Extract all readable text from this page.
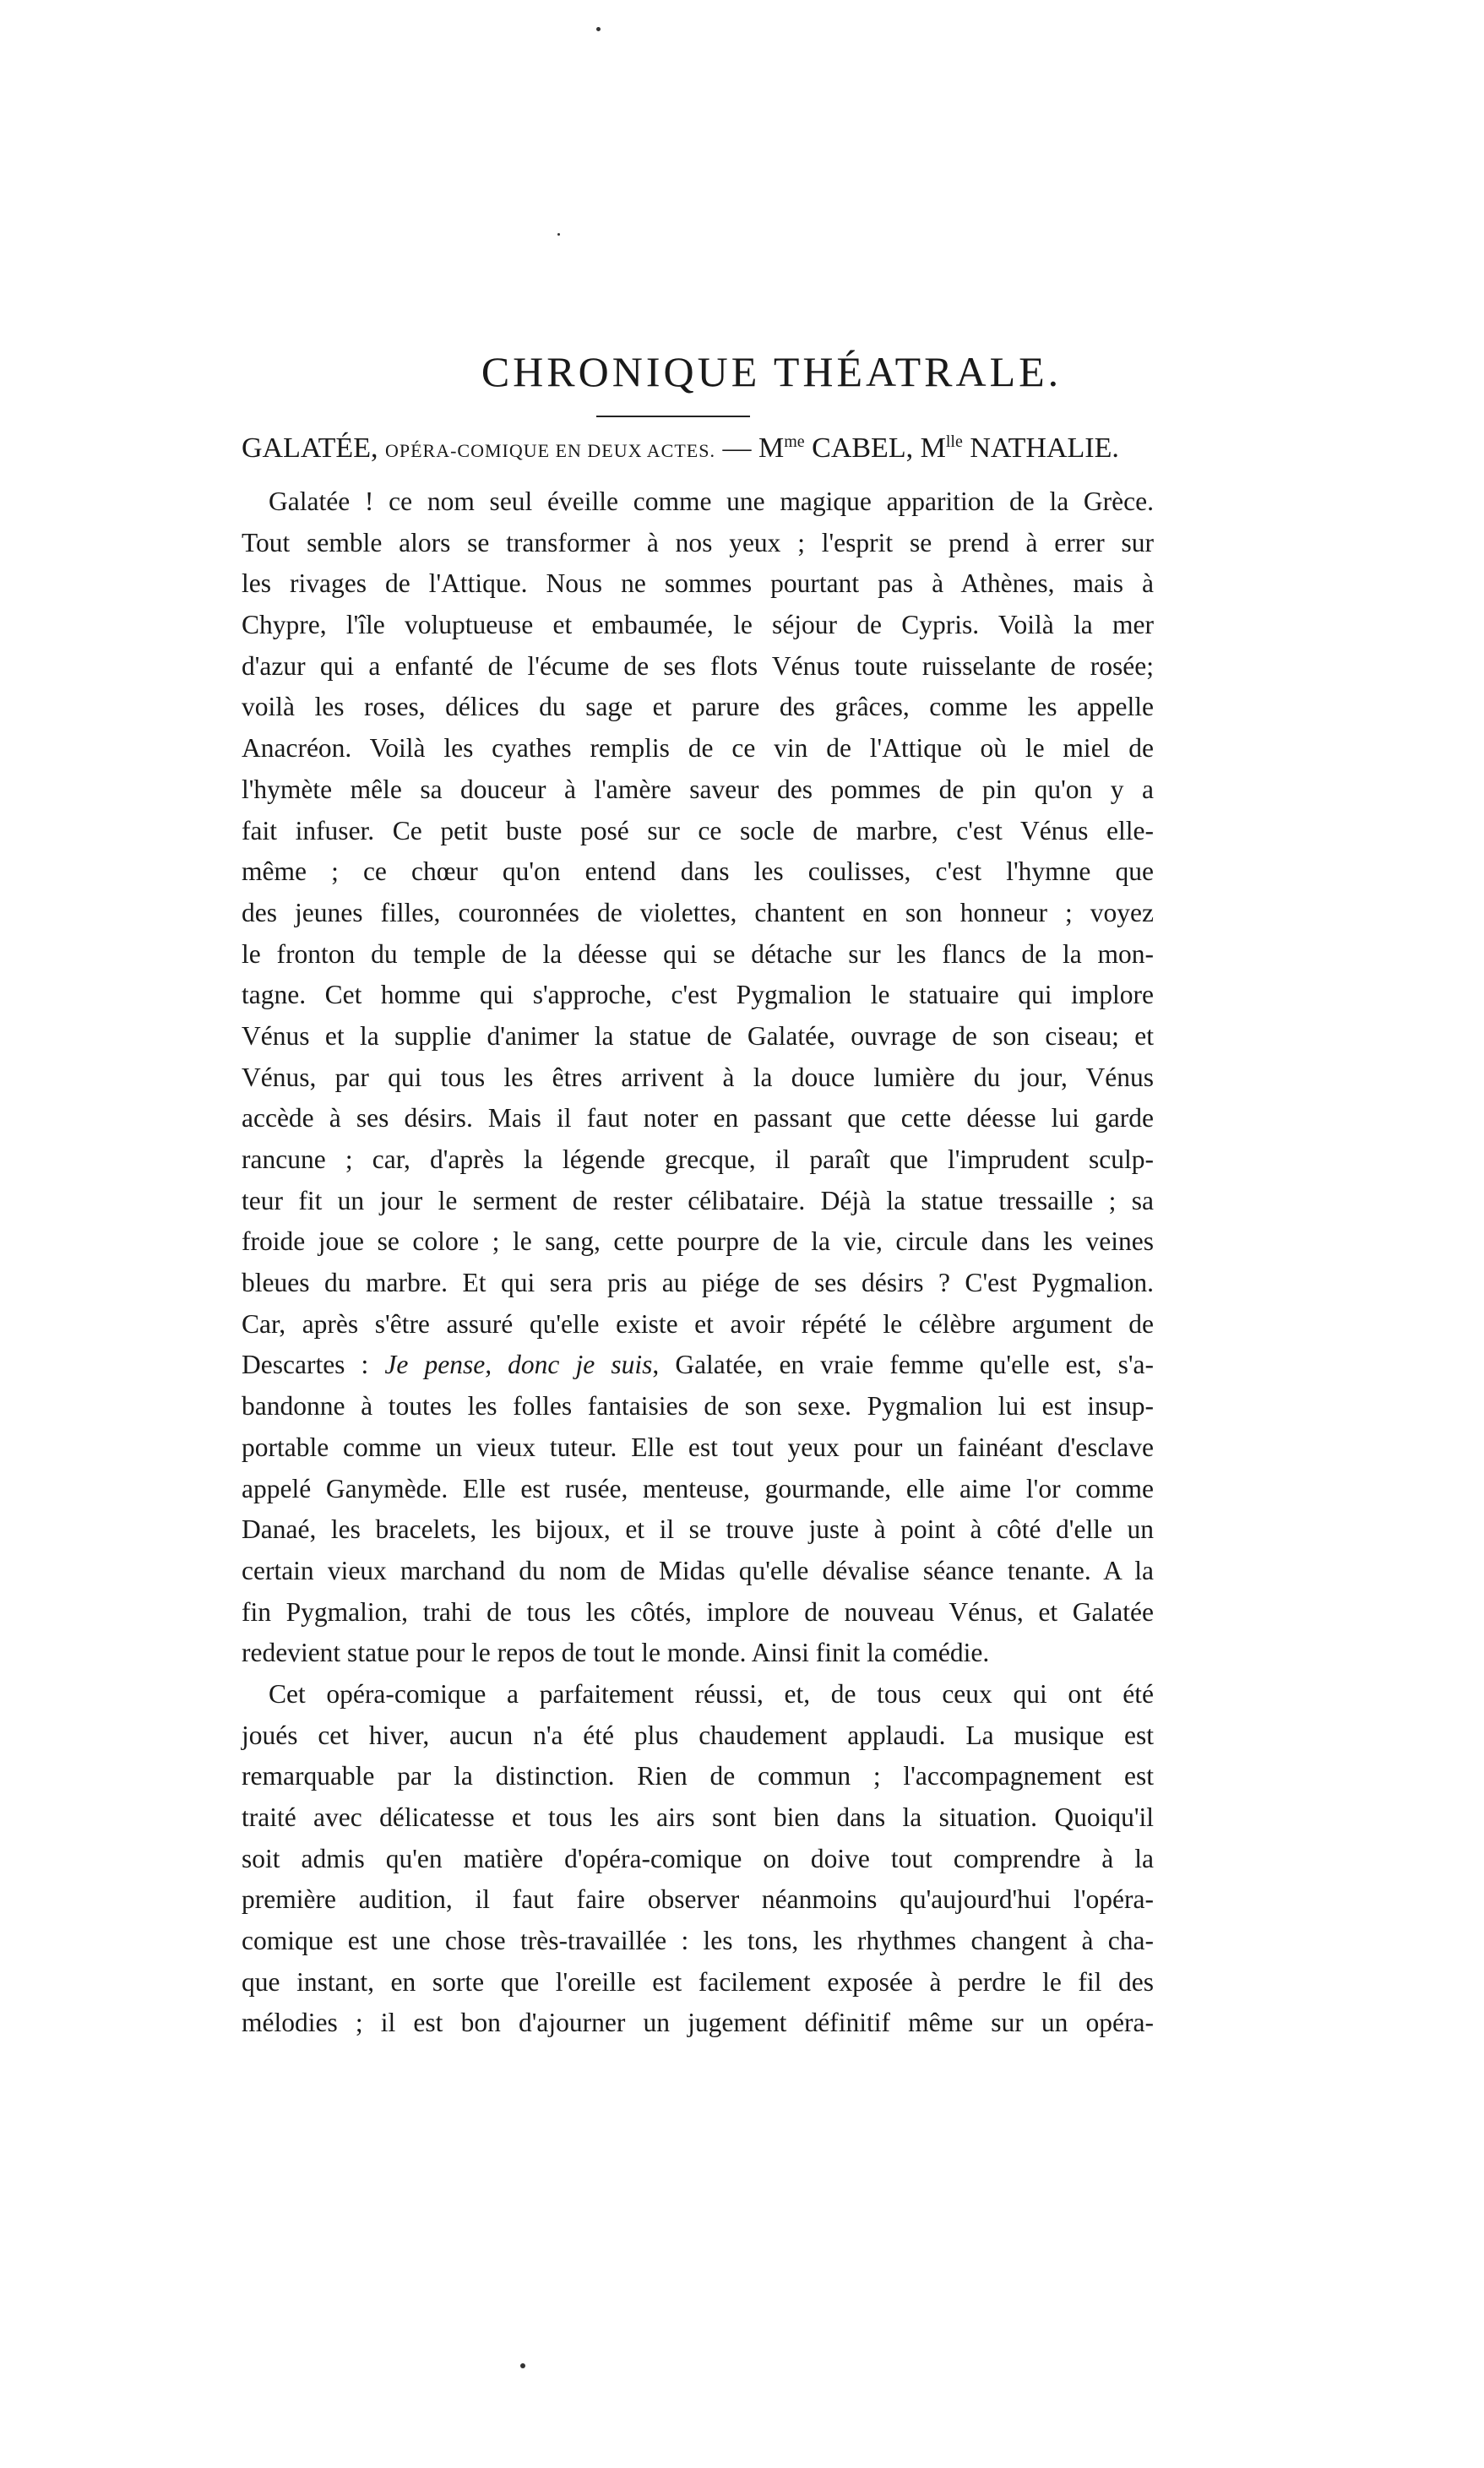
CHRONIQUE THÉATRALE.
GALATÉE, OPÉRA-COMIQUE EN DEUX ACTES. — $M^{me}$ CABEL, $M^{lle}$ NATHALIE.
Galatée ! ce nom seul éveille comme une magique apparition de la Grèce.
Tout semble alors se transformer à nos yeux ; l'esprit se prend à errer sur
les rivages de l'Attique. Nous ne sommes pourtant pas à Athènes, mais à
Chypre, l'île voluptueuse et embaumée, le séjour de Cypris. Voilà la mer
d'azur qui a enfanté de l'écume de ses flots Vénus toute ruisselante de rosée;
voilà les roses, délices du sage et parure des grâces, comme les appelle
Anacréon. Voilà les cyathes remplis de ce vin de l'Attique où le miel de
l'hymète mêle sa douceur à l'amère saveur des pommes de pin qu'on y a
fait infuser. Ce petit buste posé sur ce socle de marbre, c'est Vénus elle-
même ; ce chœur qu'on entend dans les coulisses, c'est l'hymne que
des jeunes filles, couronnées de violettes, chantent en son honneur ; voyez
le fronton du temple de la déesse qui se détache sur les flancs de la mon-
tagne. Cet homme qui s'approche, c'est Pygmalion le statuaire qui implore
Vénus et la supplie d'animer la statue de Galatée, ouvrage de son ciseau; et
Vénus, par qui tous les êtres arrivent à la douce lumière du jour, Vénus
accède à ses désirs. Mais il faut noter en passant que cette déesse lui garde
rancune ; car, d'après la légende grecque, il paraît que l'imprudent sculp-
teur fit un jour le serment de rester célibataire. Déjà la statue tressaille ; sa
froide joue se colore ; le sang, cette pourpre de la vie, circule dans les veines
bleues du marbre. Et qui sera pris au piége de ses désirs ? C'est Pygmalion.
Car, après s'être assuré qu'elle existe et avoir répété le célèbre argument de
Descartes : Je pense, donc je suis, Galatée, en vraie femme qu'elle est, s'a-
bandonne à toutes les folles fantaisies de son sexe. Pygmalion lui est insup-
portable comme un vieux tuteur. Elle est tout yeux pour un fainéant d'esclave
appelé Ganymède. Elle est rusée, menteuse, gourmande, elle aime l'or comme
Danaé, les bracelets, les bijoux, et il se trouve juste à point à côté d'elle un
certain vieux marchand du nom de Midas qu'elle dévalise séance tenante. A la
fin Pygmalion, trahi de tous les côtés, implore de nouveau Vénus, et Galatée
redevient statue pour le repos de tout le monde. Ainsi finit la comédie.
Cet opéra-comique a parfaitement réussi, et, de tous ceux qui ont été
joués cet hiver, aucun n'a été plus chaudement applaudi. La musique est
remarquable par la distinction. Rien de commun ; l'accompagnement est
traité avec délicatesse et tous les airs sont bien dans la situation. Quoiqu'il
soit admis qu'en matière d'opéra-comique on doive tout comprendre à la
première audition, il faut faire observer néanmoins qu'aujourd'hui l'opéra-
comique est une chose très-travaillée : les tons, les rhythmes changent à cha-
que instant, en sorte que l'oreille est facilement exposée à perdre le fil des
mélodies ; il est bon d'ajourner un jugement définitif même sur un opéra-
